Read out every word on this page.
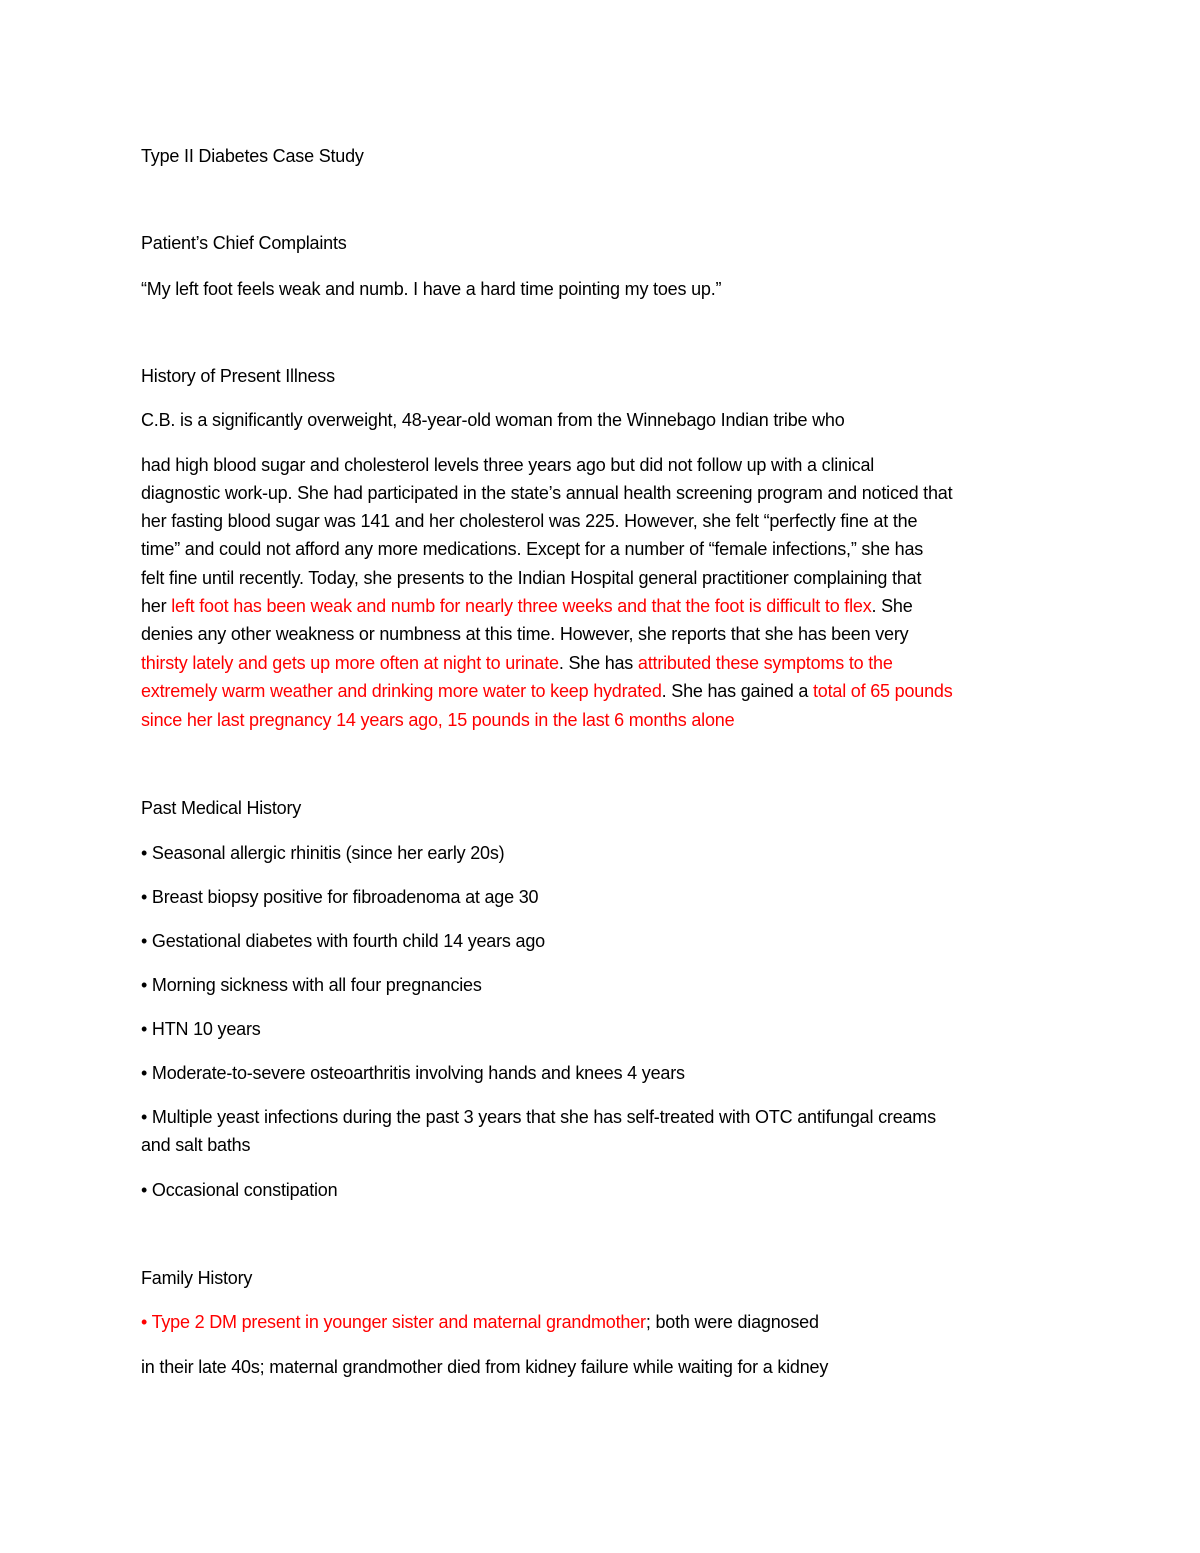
Type II Diabetes Case Study
Patient’s Chief Complaints
“My left foot feels weak and numb. I have a hard time pointing my toes up.”
History of Present Illness
C.B. is a significantly overweight, 48-year-old woman from the Winnebago Indian tribe who
had high blood sugar and cholesterol levels three years ago but did not follow up with a clinical
diagnostic work-up. She had participated in the state’s annual health screening program and noticed that
her fasting blood sugar was 141 and her cholesterol was 225. However, she felt “perfectly fine at the
time” and could not afford any more medications. Except for a number of “female infections,” she has
felt fine until recently. Today, she presents to the Indian Hospital general practitioner complaining that
her left foot has been weak and numb for nearly three weeks and that the foot is difficult to flex. She
denies any other weakness or numbness at this time. However, she reports that she has been very
thirsty lately and gets up more often at night to urinate. She has attributed these symptoms to the
extremely warm weather and drinking more water to keep hydrated. She has gained a total of 65 pounds
since her last pregnancy 14 years ago, 15 pounds in the last 6 months alone
Past Medical History
• Seasonal allergic rhinitis (since her early 20s)
• Breast biopsy positive for fibroadenoma at age 30
• Gestational diabetes with fourth child 14 years ago
• Morning sickness with all four pregnancies
• HTN 10 years
• Moderate-to-severe osteoarthritis involving hands and knees 4 years
• Multiple yeast infections during the past 3 years that she has self-treated with OTC antifungal creams
and salt baths
• Occasional constipation
Family History
• Type 2 DM present in younger sister and maternal grandmother; both were diagnosed
in their late 40s; maternal grandmother died from kidney failure while waiting for a kidney
